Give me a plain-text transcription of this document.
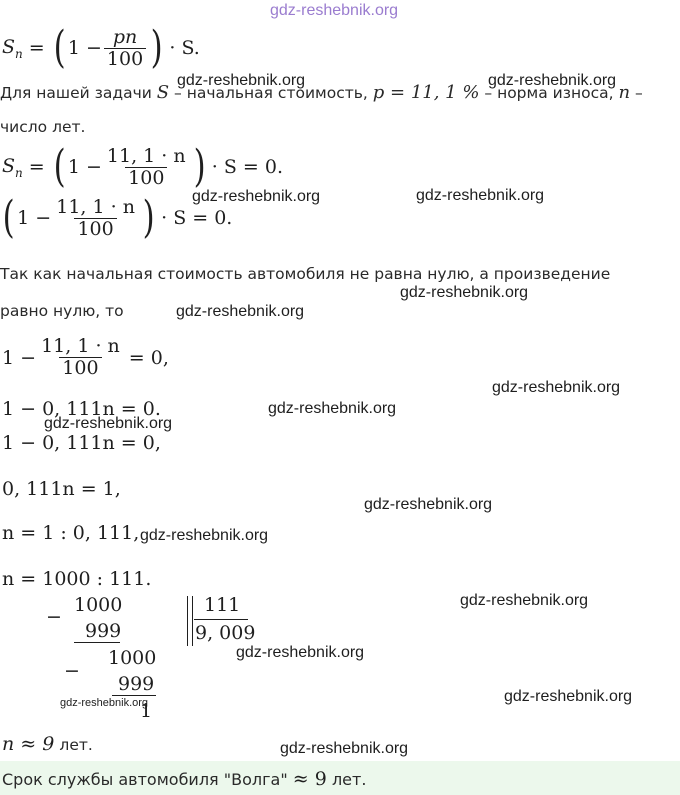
gdz-reshebnik.org
$S_n$ = ( $1 - \frac{pn}{100}$ ) · S.
Для нашей задачи S – начальная стоимость, p = 11, 1 % – норма износа, n –
число лет.
$S_n$ = ( $1 - \frac{11, 1 \cdot n}{100}$ ) · S = 0.
( $1 - \frac{11, 1 \cdot n}{100}$ ) · S = 0.
Так как начальная стоимость автомобиля не равна нулю, а произведение
равно нулю, то
$1 - \frac{11, 1 \cdot n}{100} = 0$,
1 − 0, 111n = 0.
1 − 0, 111n = 0,
0, 111n = 1,
n = 1 : 0, 111,
n = 1000 : 111.
−
1000
999
−
1000
999
1
111
9, 009
n ≈ 9 лет.
Срок службы автомобиля "Волга" ≈ 9 лет.
gdz-reshebnik.org	gdz-reshebnik.org
gdz-reshebnik.org	gdz-reshebnik.org
gdz-reshebnik.org
gdz-reshebnik.org
gdz-reshebnik.org
gdz-reshebnik.org
gdz-reshebnik.org
gdz-reshebnik.org
gdz-reshebnik.org
gdz-reshebnik.org
gdz-reshebnik.org
gdz-reshebnik.org
gdz-reshebnik.org
gdz-reshebnik.org
